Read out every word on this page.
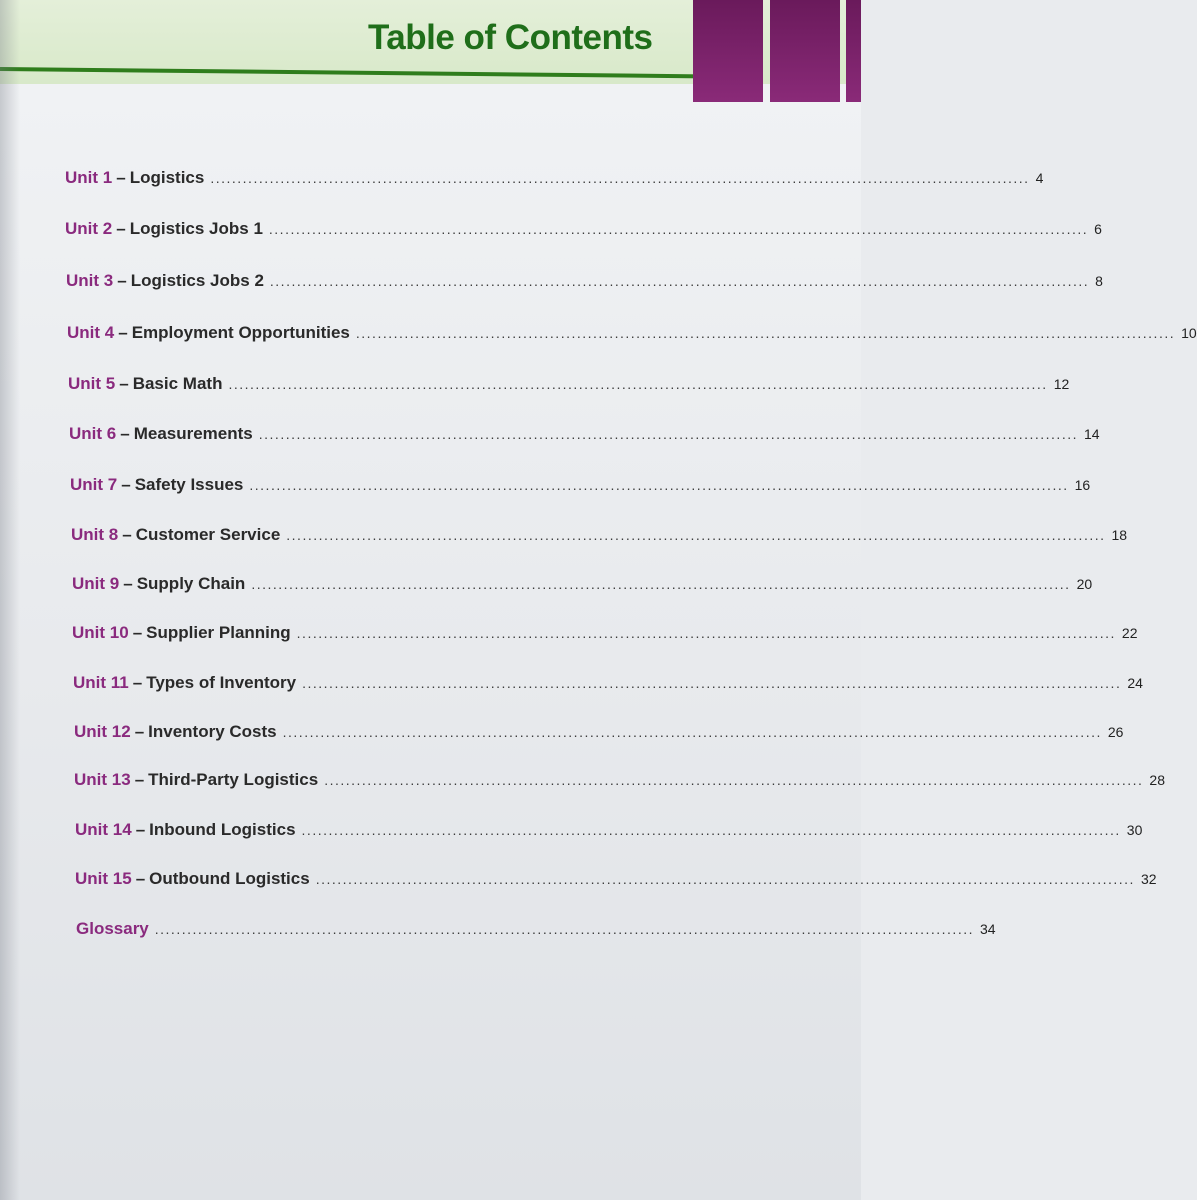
Table of Contents
Unit 1 – Logistics ........................................................................................................................................................ 4
Unit 2 – Logistics Jobs 1 ........................................................................................................................................................ 6
Unit 3 – Logistics Jobs 2 ........................................................................................................................................................ 8
Unit 4 – Employment Opportunities ........................................................................................................................................................ 10
Unit 5 – Basic Math ........................................................................................................................................................ 12
Unit 6 – Measurements ........................................................................................................................................................ 14
Unit 7 – Safety Issues ........................................................................................................................................................ 16
Unit 8 – Customer Service ........................................................................................................................................................ 18
Unit 9 – Supply Chain ........................................................................................................................................................ 20
Unit 10 – Supplier Planning ........................................................................................................................................................ 22
Unit 11 – Types of Inventory ........................................................................................................................................................ 24
Unit 12 – Inventory Costs ........................................................................................................................................................ 26
Unit 13 – Third-Party Logistics ........................................................................................................................................................ 28
Unit 14 – Inbound Logistics ........................................................................................................................................................ 30
Unit 15 – Outbound Logistics ........................................................................................................................................................ 32
Glossary ........................................................................................................................................................ 34
